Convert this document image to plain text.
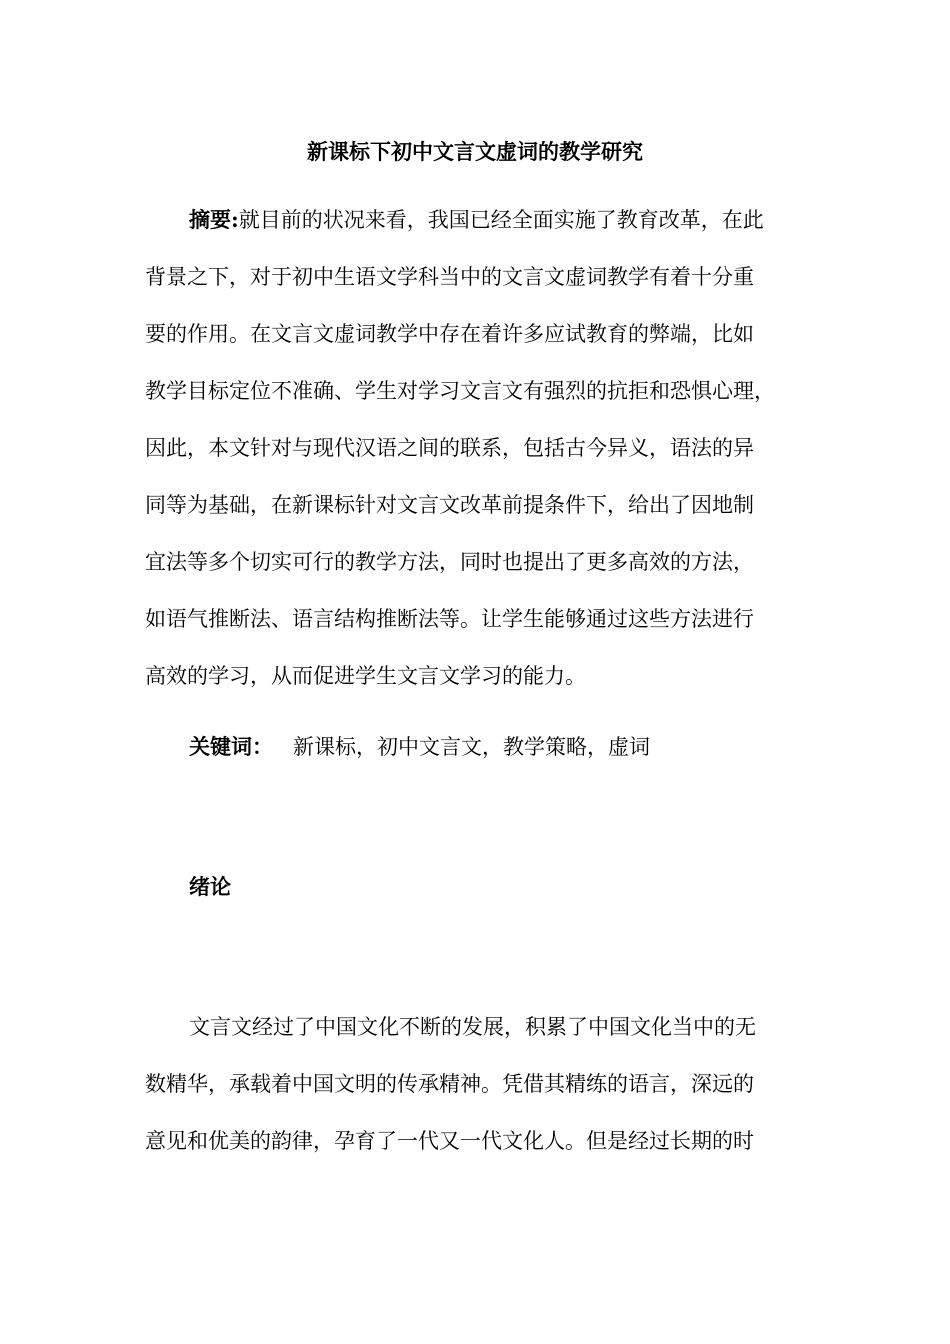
新课标下初中文言文虚词的教学研究
摘要:就目前的状况来看，我国已经全面实施了教育改革，在此
背景之下，对于初中生语文学科当中的文言文虚词教学有着十分重
要的作用。在文言文虚词教学中存在着许多应试教育的弊端，比如
教学目标定位不准确、学生对学习文言文有强烈的抗拒和恐惧心理，
因此，本文针对与现代汉语之间的联系，包括古今异义，语法的异
同等为基础，在新课标针对文言文改革前提条件下，给出了因地制
宜法等多个切实可行的教学方法，同时也提出了更多高效的方法，
如语气推断法、语言结构推断法等。让学生能够通过这些方法进行
高效的学习，从而促进学生文言文学习的能力。
关键词： 新课标，初中文言文，教学策略，虚词
绪论
文言文经过了中国文化不断的发展，积累了中国文化当中的无
数精华，承载着中国文明的传承精神。凭借其精练的语言，深远的
意见和优美的韵律，孕育了一代又一代文化人。但是经过长期的时
